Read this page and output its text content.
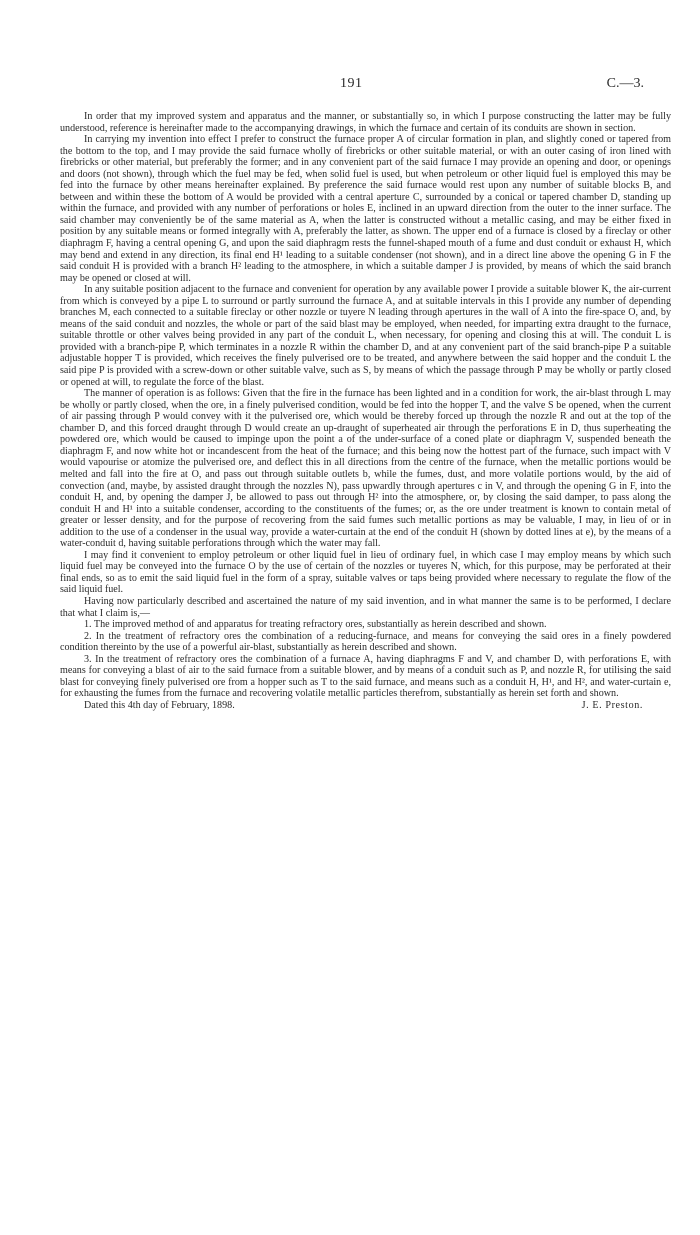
191	C.—3.

In order that my improved system and apparatus and the manner, or substantially so, in which I purpose constructing the latter may be fully understood, reference is hereinafter made to the accompanying drawings, in which the furnace and certain of its conduits are shown in section.

In carrying my invention into effect I prefer to construct the furnace proper A of circular formation in plan, and slightly coned or tapered from the bottom to the top, and I may provide the said furnace wholly of firebricks or other suitable material, or with an outer casing of iron lined with firebricks or other material, but preferably the former; and in any convenient part of the said furnace I may provide an opening and door, or openings and doors (not shown), through which the fuel may be fed, when solid fuel is used, but when petroleum or other liquid fuel is employed this may be fed into the furnace by other means hereinafter explained. By preference the said furnace would rest upon any number of suitable blocks B, and between and within these the bottom of A would be provided with a central aperture C, surrounded by a conical or tapered chamber D, standing up within the furnace, and provided with any number of perforations or holes E, inclined in an upward direction from the outer to the inner surface. The said chamber may conveniently be of the same material as A, when the latter is constructed without a metallic casing, and may be either fixed in position by any suitable means or formed integrally with A, preferably the latter, as shown. The upper end of a furnace is closed by a fireclay or other diaphragm F, having a central opening G, and upon the said diaphragm rests the funnel-shaped mouth of a fume and dust conduit or exhaust H, which may bend and extend in any direction, its final end H¹ leading to a suitable condenser (not shown), and in a direct line above the opening G in F the said conduit H is provided with a branch H² leading to the atmosphere, in which a suitable damper J is provided, by means of which the said branch may be opened or closed at will.

In any suitable position adjacent to the furnace and convenient for operation by any available power I provide a suitable blower K, the air-current from which is conveyed by a pipe L to surround or partly surround the furnace A, and at suitable intervals in this I provide any number of depending branches M, each connected to a suitable fireclay or other nozzle or tuyere N leading through apertures in the wall of A into the fire-space O, and, by means of the said conduit and nozzles, the whole or part of the said blast may be employed, when needed, for imparting extra draught to the furnace, suitable throttle or other valves being provided in any part of the conduit L, when necessary, for opening and closing this at will. The conduit L is provided with a branch-pipe P, which terminates in a nozzle R within the chamber D, and at any convenient part of the said branch-pipe P a suitable adjustable hopper T is provided, which receives the finely pulverised ore to be treated, and anywhere between the said hopper and the conduit L the said pipe P is provided with a screw-down or other suitable valve, such as S, by means of which the passage through P may be wholly or partly closed or opened at will, to regulate the force of the blast.

The manner of operation is as follows: Given that the fire in the furnace has been lighted and in a condition for work, the air-blast through L may be wholly or partly closed, when the ore, in a finely pulverised condition, would be fed into the hopper T, and the valve S be opened, when the current of air passing through P would convey with it the pulverised ore, which would be thereby forced up through the nozzle R and out at the top of the chamber D, and this forced draught through D would create an up-draught of superheated air through the perforations E in D, thus superheating the powdered ore, which would be caused to impinge upon the point a of the under-surface of a coned plate or diaphragm V, suspended beneath the diaphragm F, and now white hot or incandescent from the heat of the furnace; and this being now the hottest part of the furnace, such impact with V would vapourise or atomize the pulverised ore, and deflect this in all directions from the centre of the furnace, when the metallic portions would be melted and fall into the fire at O, and pass out through suitable outlets b, while the fumes, dust, and more volatile portions would, by the aid of convection (and, maybe, by assisted draught through the nozzles N), pass upwardly through apertures c in V, and through the opening G in F, into the conduit H, and, by opening the damper J, be allowed to pass out through H² into the atmosphere, or, by closing the said damper, to pass along the conduit H and H¹ into a suitable condenser, according to the constituents of the fumes; or, as the ore under treatment is known to contain metal of greater or lesser density, and for the purpose of recovering from the said fumes such metallic portions as may be valuable, I may, in lieu of or in addition to the use of a condenser in the usual way, provide a water-curtain at the end of the conduit H (shown by dotted lines at e), by the means of a water-conduit d, having suitable perforations through which the water may fall.

I may find it convenient to employ petroleum or other liquid fuel in lieu of ordinary fuel, in which case I may employ means by which such liquid fuel may be conveyed into the furnace O by the use of certain of the nozzles or tuyeres N, which, for this purpose, may be perforated at their final ends, so as to emit the said liquid fuel in the form of a spray, suitable valves or taps being provided where necessary to regulate the flow of the said liquid fuel.

Having now particularly described and ascertained the nature of my said invention, and in what manner the same is to be performed, I declare that what I claim is,—

1. The improved method of and apparatus for treating refractory ores, substantially as herein described and shown.

2. In the treatment of refractory ores the combination of a reducing-furnace, and means for conveying the said ores in a finely powdered condition thereinto by the use of a powerful air-blast, substantially as herein described and shown.

3. In the treatment of refractory ores the combination of a furnace A, having diaphragms F and V, and chamber D, with perforations E, with means for conveying a blast of air to the said furnace from a suitable blower, and by means of a conduit such as P, and nozzle R, for utilising the said blast for conveying finely pulverised ore from a hopper such as T to the said furnace, and means such as a conduit H, H¹, and H², and water-curtain e, for exhausting the fumes from the furnace and recovering volatile metallic particles therefrom, substantially as herein set forth and shown.

Dated this 4th day of February, 1898.	J. E. Preston.
